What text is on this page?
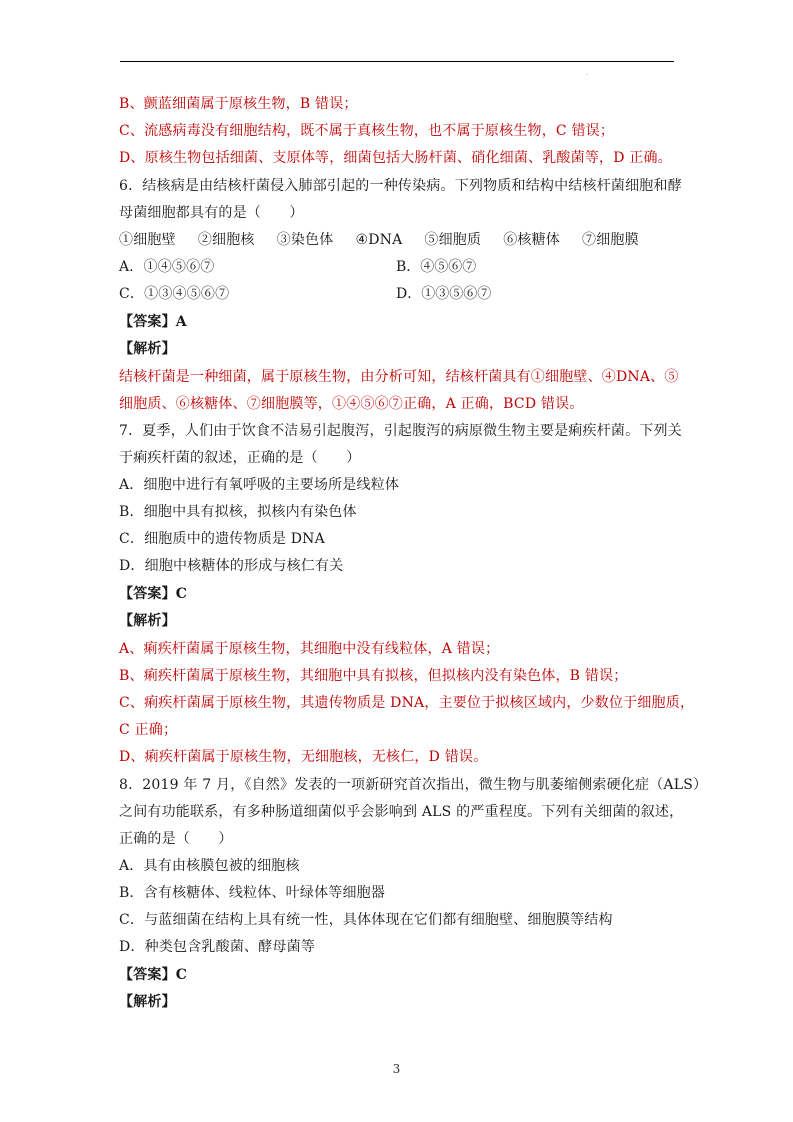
.
B、颤蓝细菌属于原核生物，B 错误；
C、流感病毒没有细胞结构，既不属于真核生物，也不属于原核生物，C 错误；
D、原核生物包括细菌、支原体等，细菌包括大肠杆菌、硝化细菌、乳酸菌等，D 正确。
6．结核病是由结核杆菌侵入肺部引起的一种传染病。下列物质和结构中结核杆菌细胞和酵
母菌细胞都具有的是（　　）
①细胞壁 ②细胞核 ③染色体 ④DNA ⑤细胞质 ⑥核糖体 ⑦细胞膜
A．①④⑤⑥⑦	B．④⑤⑥⑦
C．①③④⑤⑥⑦	D．①③⑤⑥⑦
【答案】A
【解析】
结核杆菌是一种细菌，属于原核生物，由分析可知，结核杆菌具有①细胞壁、④DNA、⑤
细胞质、⑥核糖体、⑦细胞膜等，①④⑤⑥⑦正确，A 正确，BCD 错误。
7．夏季，人们由于饮食不洁易引起腹泻，引起腹泻的病原微生物主要是痢疾杆菌。下列关
于痢疾杆菌的叙述，正确的是（　　）
A．细胞中进行有氧呼吸的主要场所是线粒体
B．细胞中具有拟核，拟核内有染色体
C．细胞质中的遗传物质是 DNA
D．细胞中核糖体的形成与核仁有关
【答案】C
【解析】
A、痢疾杆菌属于原核生物，其细胞中没有线粒体，A 错误；
B、痢疾杆菌属于原核生物，其细胞中具有拟核，但拟核内没有染色体，B 错误；
C、痢疾杆菌属于原核生物，其遗传物质是 DNA，主要位于拟核区域内，少数位于细胞质，
C 正确；
D、痢疾杆菌属于原核生物，无细胞核，无核仁，D 错误。
8．2019 年 7 月，《自然》发表的一项新研究首次指出，微生物与肌萎缩侧索硬化症（ALS）
之间有功能联系，有多种肠道细菌似乎会影响到 ALS 的严重程度。下列有关细菌的叙述，
正确的是（　　）
A．具有由核膜包被的细胞核
B．含有核糖体、线粒体、叶绿体等细胞器
C．与蓝细菌在结构上具有统一性，具体体现在它们都有细胞壁、细胞膜等结构
D．种类包含乳酸菌、酵母菌等
【答案】C
【解析】
3
